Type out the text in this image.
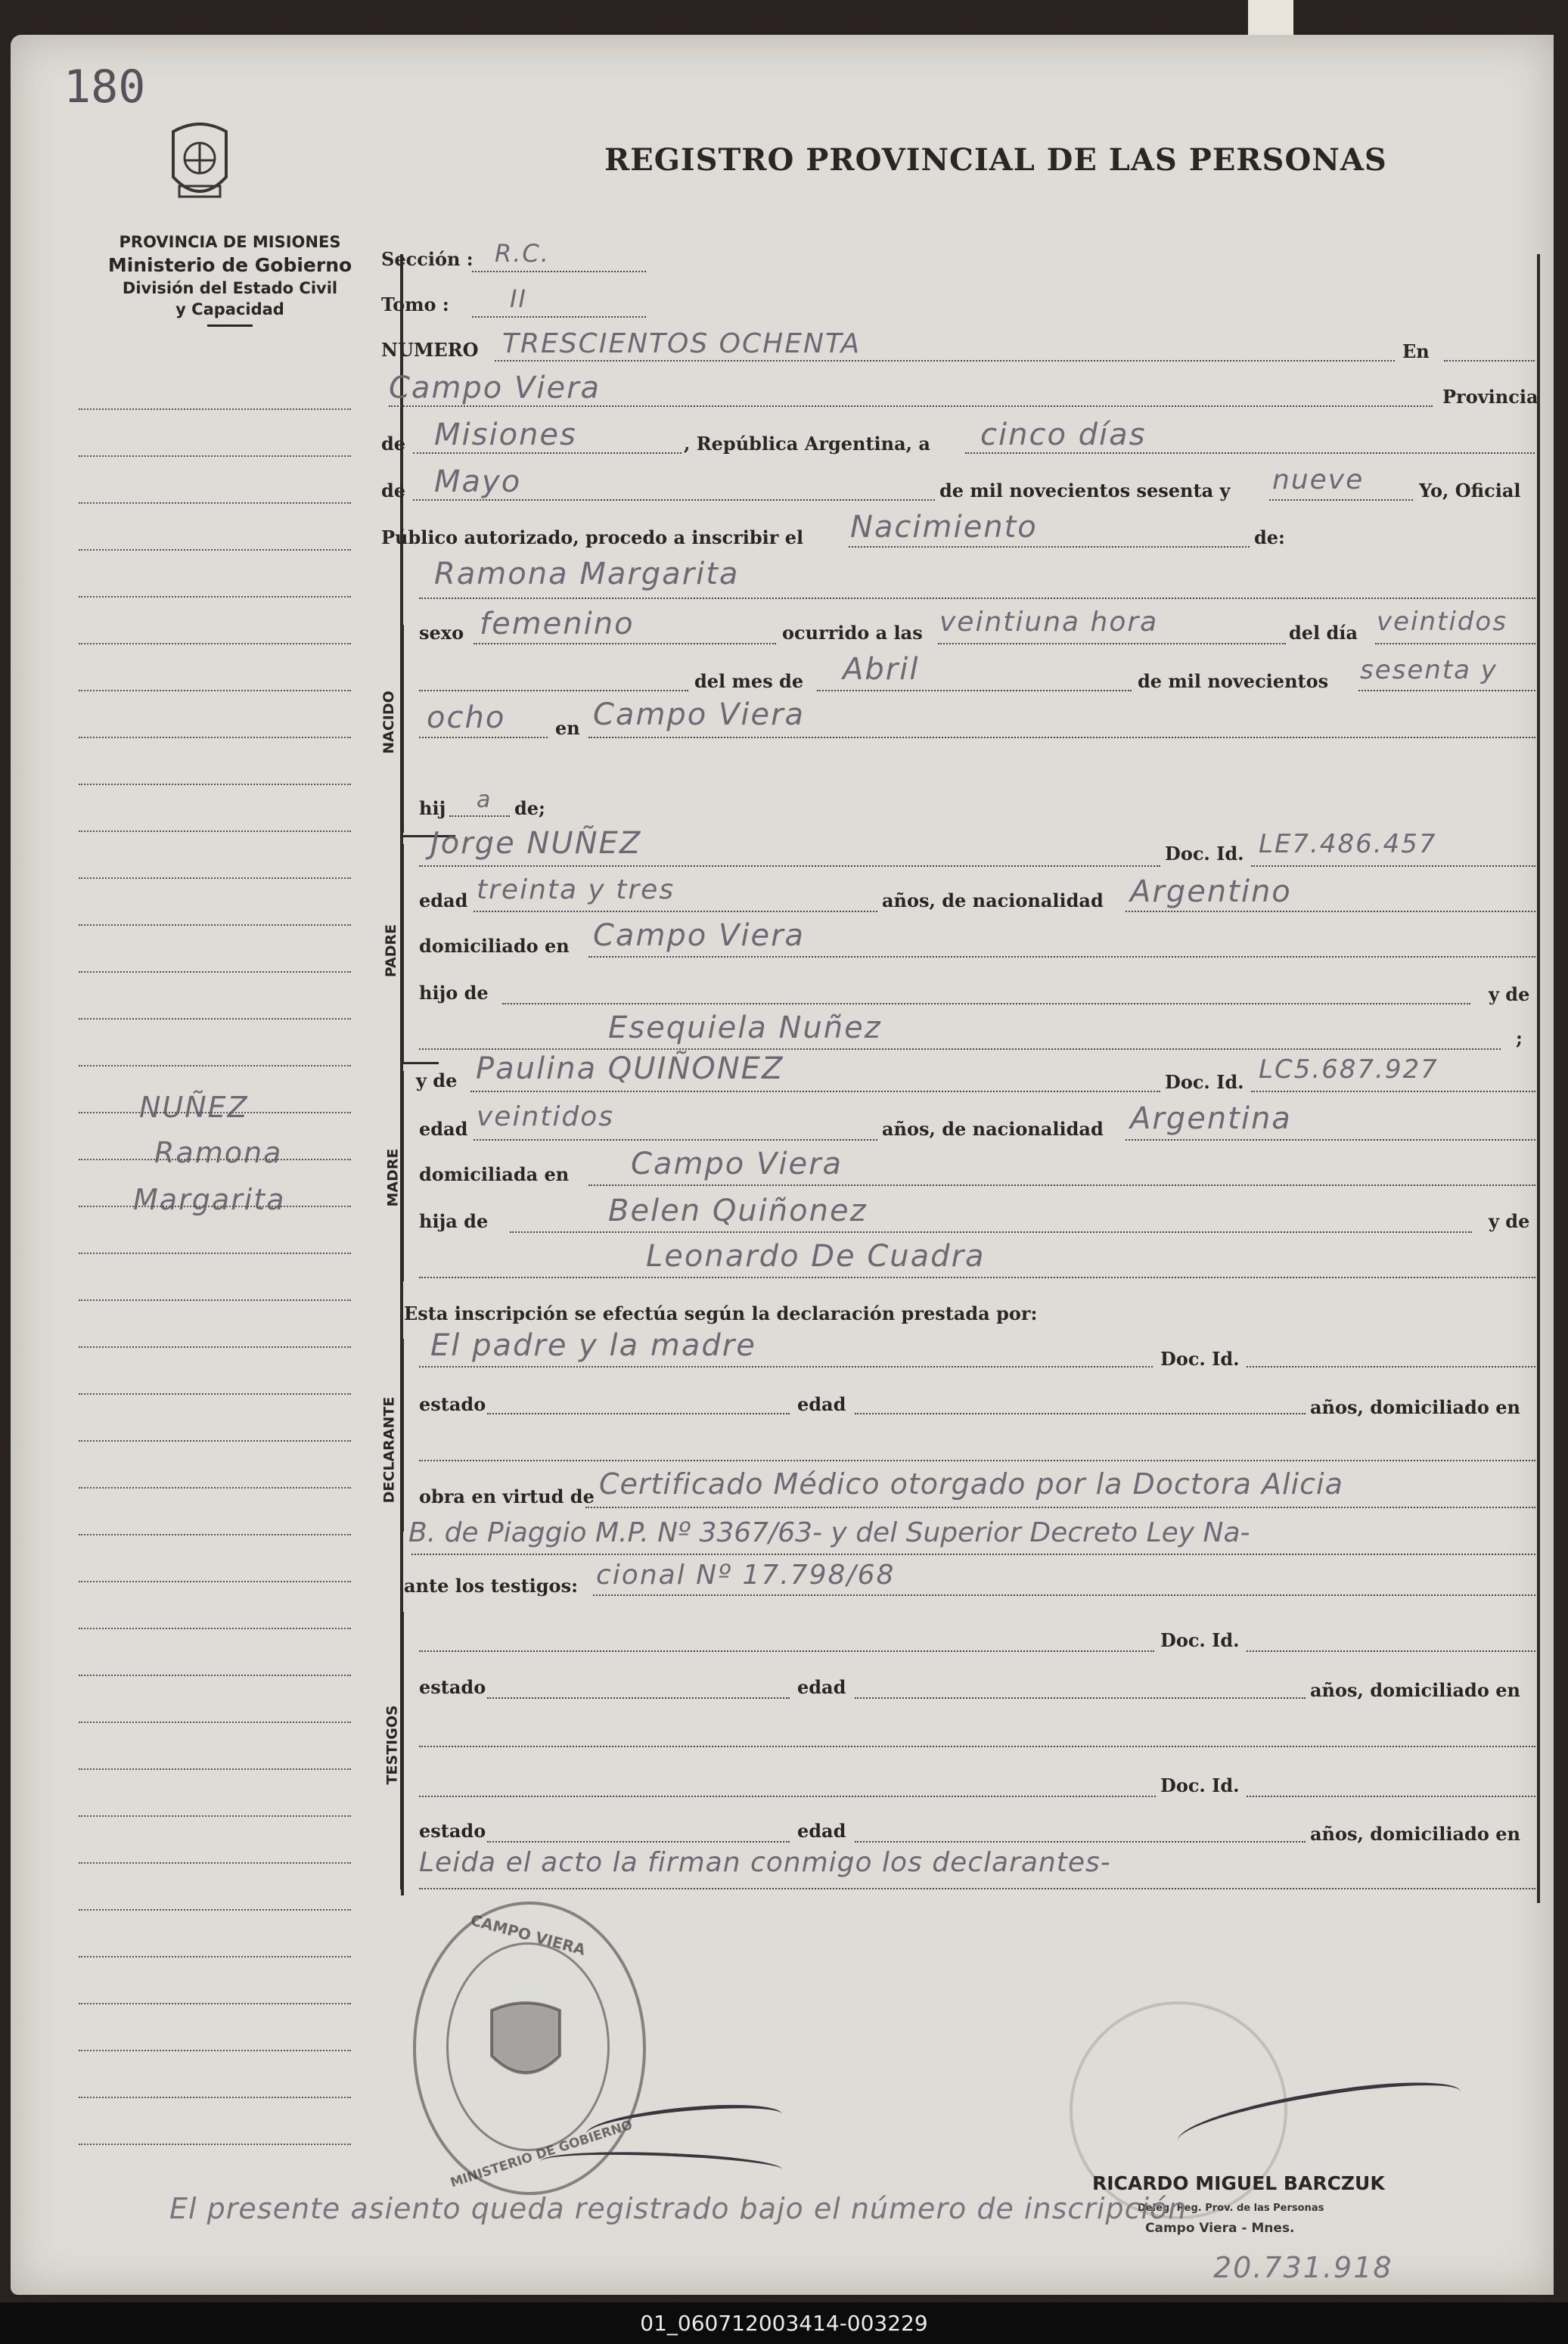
180
REGISTRO PROVINCIAL DE LAS PERSONAS
PROVINCIA DE MISIONES
Ministerio de Gobierno
División del Estado Civil
y Capacidad
NUÑEZ
Ramona
Margarita
NACIDO
PADRE
MADRE
DECLARANTE
TESTIGOS
Sección : R.C.
Tomo :	II
NUMERO TRESCIENTOS OCHENTA	En
Campo Viera	Provincia
de Misiones	, República Argentina, a cinco días
de Mayo	de mil novecientos sesenta y nueve	Yo, Oficial
Público autorizado, procedo a inscribir el Nacimiento	de:
Ramona Margarita
sexo femenino	ocurrido a las veintiuna hora	del día veintidos
del mes de Abril	de mil novecientos sesenta y
ocho	en Campo Viera
hij a de;
Jorge NUÑEZ	Doc. Id. LE7.486.457
edad treinta y tres	años, de nacionalidad Argentino
domiciliado en Campo Viera
hijo de	y de
Esequiela Nuñez	;
y de Paulina QUIÑONEZ	Doc. Id. LC5.687.927
edad veintidos	años, de nacionalidad Argentina
domiciliada en Campo Viera
hija de	Belen Quiñonez	y de
Leonardo De Cuadra
Esta inscripción se efectúa según la declaración prestada por:
El padre y la madre	Doc. Id.
estado	edad	años, domiciliado en
obra en virtud de Certificado Médico otorgado por la Doctora Alicia
B. de Piaggio M.P. Nº 3367/63- y del Superior Decreto Ley Na-
ante los testigos: cional Nº 17.798/68
Doc. Id.
estado	edad	años, domiciliado en
Doc. Id.
estado	edad	años, domiciliado en
Leida el acto la firman conmigo los declarantes-
CAMPO VIERA
MINISTERIO DE GOBIERNO	RICARDO MIGUEL BARCZUK
Deleg. Reg. Prov. de las Personas
Campo Viera - Mnes.
El presente asiento queda registrado bajo el número de inscripción
20.731.918
01_060712003414-003229
